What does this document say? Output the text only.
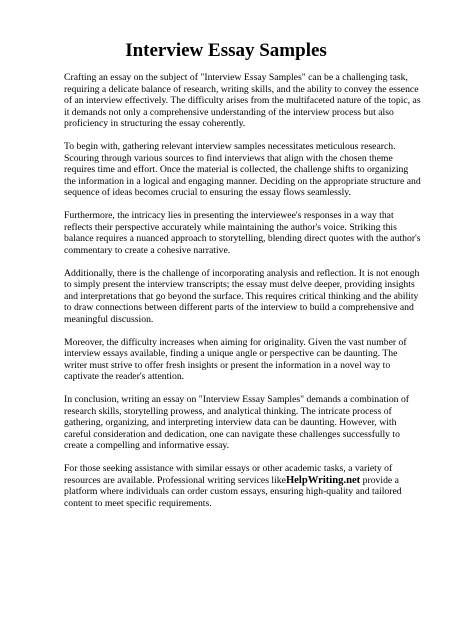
Interview Essay Samples

Crafting an essay on the subject of "Interview Essay Samples" can be a challenging task, requiring a delicate balance of research, writing skills, and the ability to convey the essence of an interview effectively. The difficulty arises from the multifaceted nature of the topic, as it demands not only a comprehensive understanding of the interview process but also proficiency in structuring the essay coherently.

To begin with, gathering relevant interview samples necessitates meticulous research. Scouring through various sources to find interviews that align with the chosen theme requires time and effort. Once the material is collected, the challenge shifts to organizing the information in a logical and engaging manner. Deciding on the appropriate structure and sequence of ideas becomes crucial to ensuring the essay flows seamlessly.

Furthermore, the intricacy lies in presenting the interviewee's responses in a way that reflects their perspective accurately while maintaining the author's voice. Striking this balance requires a nuanced approach to storytelling, blending direct quotes with the author's commentary to create a cohesive narrative.

Additionally, there is the challenge of incorporating analysis and reflection. It is not enough to simply present the interview transcripts; the essay must delve deeper, providing insights and interpretations that go beyond the surface. This requires critical thinking and the ability to draw connections between different parts of the interview to build a comprehensive and meaningful discussion.

Moreover, the difficulty increases when aiming for originality. Given the vast number of interview essays available, finding a unique angle or perspective can be daunting. The writer must strive to offer fresh insights or present the information in a novel way to captivate the reader's attention.

In conclusion, writing an essay on "Interview Essay Samples" demands a combination of research skills, storytelling prowess, and analytical thinking. The intricate process of gathering, organizing, and interpreting interview data can be daunting. However, with careful consideration and dedication, one can navigate these challenges successfully to create a compelling and informative essay.

For those seeking assistance with similar essays or other academic tasks, a variety of resources are available. Professional writing services likeHelpWriting.net provide a platform where individuals can order custom essays, ensuring high-quality and tailored content to meet specific requirements.
